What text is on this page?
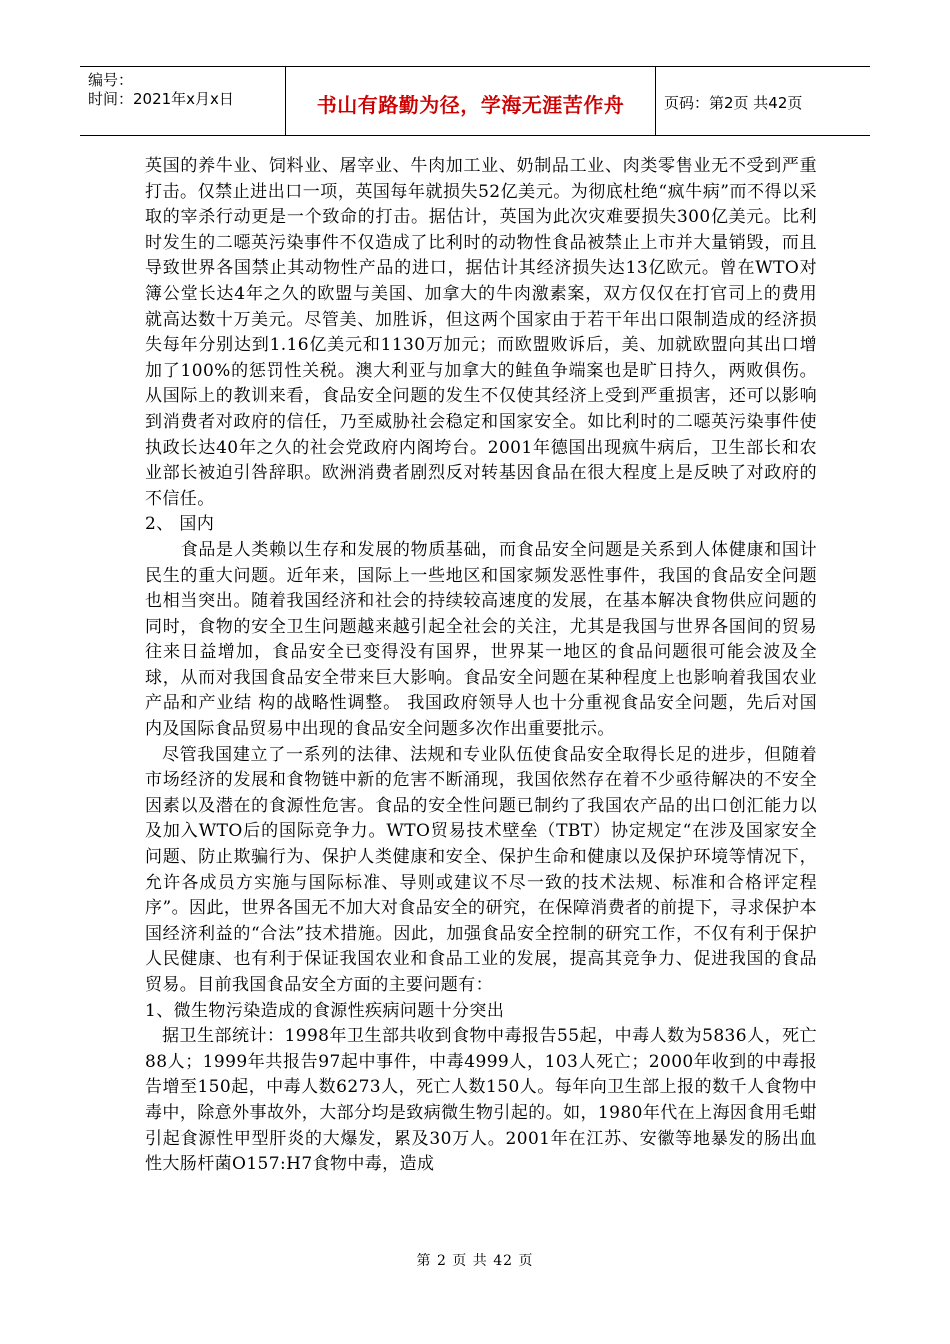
编号：
时间：2021年x月x日	书山有路勤为径，学海无涯苦作舟	页码：第2页 共42页

英国的养牛业、饲料业、屠宰业、牛肉加工业、奶制品工业、肉类零售业无不受到严重打击。仅禁止进出口一项，英国每年就损失52亿美元。为彻底杜绝“疯牛病”而不得以采取的宰杀行动更是一个致命的打击。据估计，英国为此次灾难要损失300亿美元。比利时发生的二噁英污染事件不仅造成了比利时的动物性食品被禁止上市并大量销毁，而且导致世界各国禁止其动物性产品的进口，据估计其经济损失达13亿欧元。曾在WTO对簿公堂长达4年之久的欧盟与美国、加拿大的牛肉激素案，双方仅仅在打官司上的费用就高达数十万美元。尽管美、加胜诉，但这两个国家由于若干年出口限制造成的经济损失每年分别达到1.16亿美元和1130万加元；而欧盟败诉后，美、加就欧盟向其出口增加了100%的惩罚性关税。澳大利亚与加拿大的鲑鱼争端案也是旷日持久，两败俱伤。从国际上的教训来看，食品安全问题的发生不仅使其经济上受到严重损害，还可以影响到消费者对政府的信任，乃至威胁社会稳定和国家安全。如比利时的二噁英污染事件使执政长达40年之久的社会党政府内阁垮台。2001年德国出现疯牛病后，卫生部长和农业部长被迫引咎辞职。欧洲消费者剧烈反对转基因食品在很大程度上是反映了对政府的不信任。

2、 国内

食品是人类赖以生存和发展的物质基础，而食品安全问题是关系到人体健康和国计民生的重大问题。近年来，国际上一些地区和国家频发恶性事件，我国的食品安全问题也相当突出。随着我国经济和社会的持续较高速度的发展，在基本解决食物供应问题的同时，食物的安全卫生问题越来越引起全社会的关注，尤其是我国与世界各国间的贸易往来日益增加，食品安全已变得没有国界，世界某一地区的食品问题很可能会波及全球，从而对我国食品安全带来巨大影响。食品安全问题在某种程度上也影响着我国农业产品和产业结 构的战略性调整。 我国政府领导人也十分重视食品安全问题，先后对国内及国际食品贸易中出现的食品安全问题多次作出重要批示。

尽管我国建立了一系列的法律、法规和专业队伍使食品安全取得长足的进步，但随着市场经济的发展和食物链中新的危害不断涌现，我国依然存在着不少亟待解决的不安全因素以及潜在的食源性危害。食品的安全性问题已制约了我国农产品的出口创汇能力以及加入WTO后的国际竞争力。WTO贸易技术壁垒（TBT）协定规定“在涉及国家安全问题、防止欺骗行为、保护人类健康和安全、保护生命和健康以及保护环境等情况下，允许各成员方实施与国际标准、导则或建议不尽一致的技术法规、标准和合格评定程序”。因此，世界各国无不加大对食品安全的研究，在保障消费者的前提下，寻求保护本国经济利益的“合法”技术措施。因此，加强食品安全控制的研究工作，不仅有利于保护人民健康、也有利于保证我国农业和食品工业的发展，提高其竞争力、促进我国的食品贸易。目前我国食品安全方面的主要问题有：

1、微生物污染造成的食源性疾病问题十分突出

据卫生部统计：1998年卫生部共收到食物中毒报告55起，中毒人数为5836人，死亡88人；1999年共报告97起中事件，中毒4999人，103人死亡；2000年收到的中毒报告增至150起，中毒人数6273人，死亡人数150人。每年向卫生部上报的数千人食物中毒中，除意外事故外，大部分均是致病微生物引起的。如，1980年代在上海因食用毛蚶引起食源性甲型肝炎的大爆发，累及30万人。2001年在江苏、安徽等地暴发的肠出血性大肠杆菌O157:H7食物中毒，造成

第 2 页 共 42 页
